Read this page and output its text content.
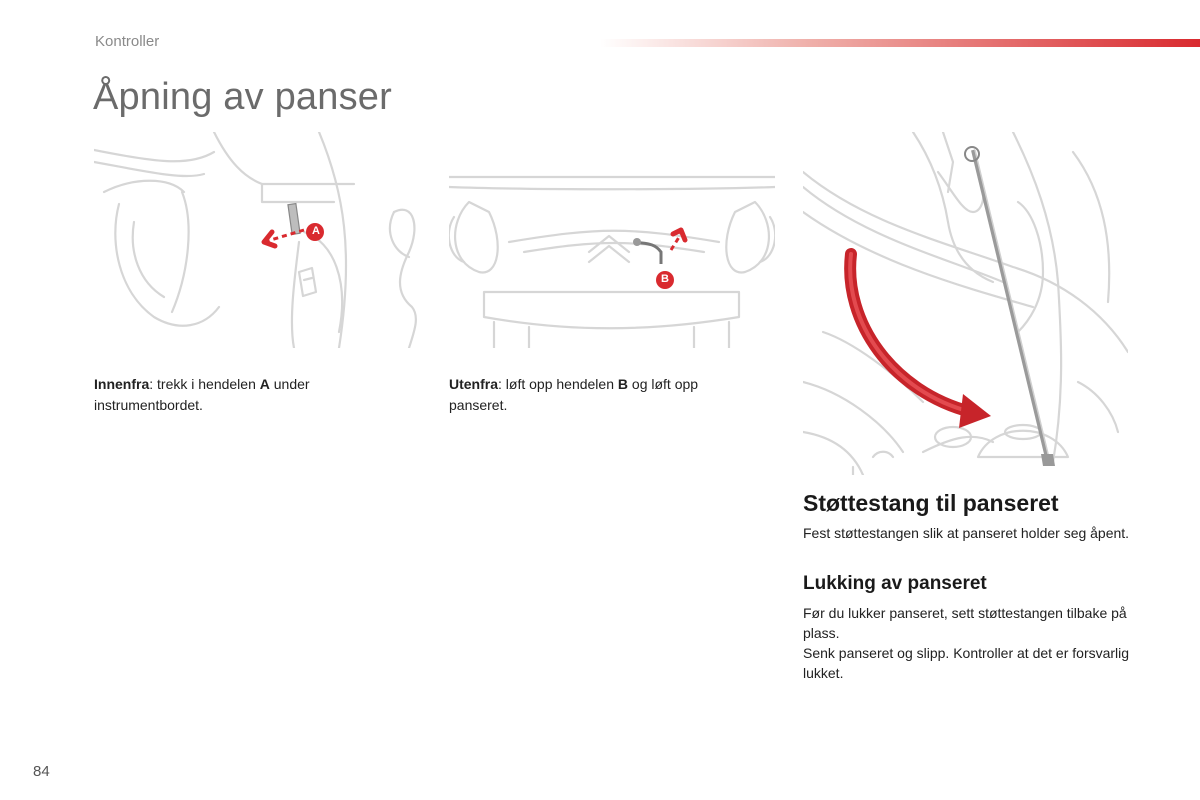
Kontroller
Åpning av panser
A
B
Innenfra: trekk i hendelen A under instrumentbordet.
Utenfra: løft opp hendelen B og løft opp panseret.
Støttestang til panseret
Fest støttestangen slik at panseret holder seg åpent.
Lukking av panseret
Før du lukker panseret, sett støttestangen tilbake på plass.
Senk panseret og slipp. Kontroller at det er forsvarlig lukket.
84
